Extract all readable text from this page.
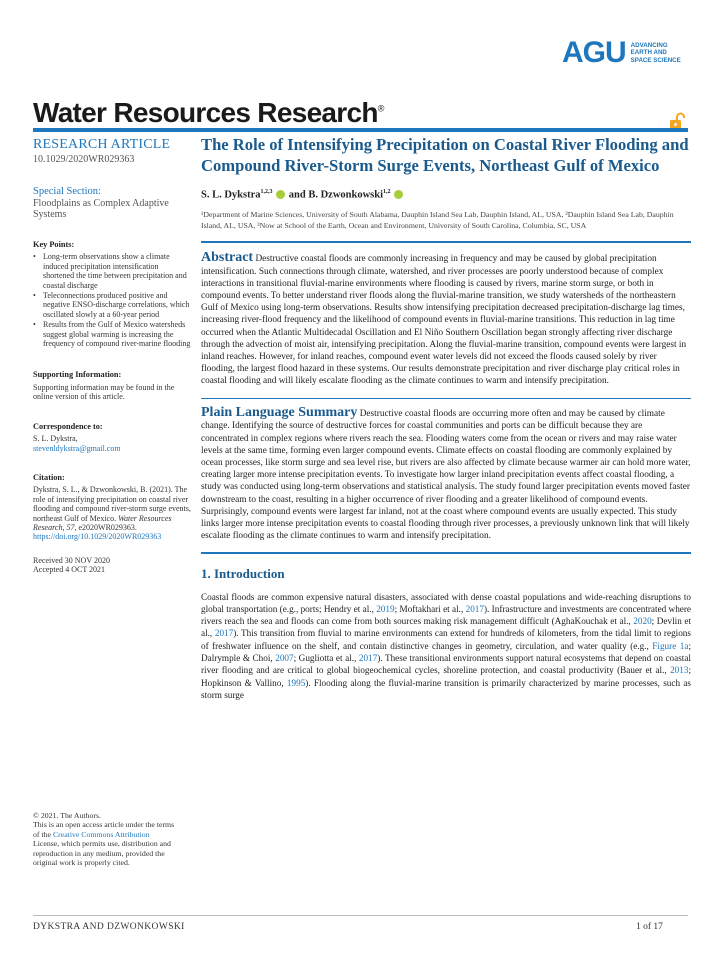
AGU ADVANCING
EARTH AND
SPACE SCIENCE
Water Resources Research®
RESEARCH ARTICLE
10.1029/2020WR029363
Special Section:
Floodplains as Complex Adaptive Systems
Key Points:
• Long-term observations show a climate induced precipitation intensification shortened the time between precipitation and coastal discharge
• Teleconnections produced positive and negative ENSO-discharge correlations, which oscillated slowly at a 60-year period
• Results from the Gulf of Mexico watersheds suggest global warming is increasing the frequency of compound river-marine flooding
Supporting Information:
Supporting information may be found in the online version of this article.
Correspondence to:
S. L. Dykstra,
stevenldykstra@gmail.com
Citation:
Dykstra, S. L., & Dzwonkowski, B. (2021). The role of intensifying precipitation on coastal river flooding and compound river-storm surge events, northeast Gulf of Mexico. Water Resources Research, 57, e2020WR029363. https://doi.org/10.1029/2020WR029363
Received 30 NOV 2020
Accepted 4 OCT 2021
© 2021. The Authors.
This is an open access article under the terms of the Creative Commons Attribution License, which permits use, distribution and reproduction in any medium, provided the original work is properly cited.
The Role of Intensifying Precipitation on Coastal River Flooding and Compound River-Storm Surge Events, Northeast Gulf of Mexico
S. L. Dykstra$^{1,2,3}$ and B. Dzwonkowski$^{1,2}$
¹Department of Marine Sciences, University of South Alabama, Dauphin Island Sea Lab, Dauphin Island, AL, USA, ²Dauphin Island Sea Lab, Dauphin Island, AL, USA, ³Now at School of the Earth, Ocean and Environment, University of South Carolina, Columbia, SC, USA
Abstract Destructive coastal floods are commonly increasing in frequency and may be caused by global precipitation intensification. Such connections through climate, watershed, and river processes are poorly understood because of complex interactions in transitional fluvial-marine environments where flooding is caused by rivers, marine storm surge, or both in compound events. To better understand river floods along the fluvial-marine transition, we study watersheds of the northeastern Gulf of Mexico using long-term observations. Results show intensifying precipitation decreased precipitation-discharge lag times, increasing river-flood frequency and the likelihood of compound events in fluvial-marine transitions. This reduction in lag time occurred when the Atlantic Multidecadal Oscillation and El Niño Southern Oscillation began strongly affecting river discharge through the advection of moist air, intensifying precipitation. Along the fluvial-marine transition, compound events were largest in inland reaches. However, for inland reaches, compound event water levels did not exceed the floods caused solely by river flooding, the largest flood hazard in these systems. Our results demonstrate precipitation and river discharge play critical roles in coastal flooding and will likely escalate flooding as the climate continues to warm and intensify precipitation.
Plain Language Summary Destructive coastal floods are occurring more often and may be caused by climate change. Identifying the source of destructive forces for coastal communities and ports can be difficult because they are concentrated in complex regions where rivers reach the sea. Flooding waters come from the ocean or rivers and may raise water levels at the same time, forming even larger compound events. Climate effects on coastal flooding are commonly explained by ocean processes, like storm surge and sea level rise, but rivers are also affected by climate because warmer air can hold more water, creating larger more intense precipitation events. To investigate how larger inland precipitation events affect coastal flooding, a study was conducted using long-term observations and statistical analysis. The study found larger precipitation events moved faster downstream to the coast, resulting in a higher occurrence of river flooding and a greater likelihood of compound events. Surprisingly, compound events were largest far inland, not at the coast where compound events are usually expected. This study links larger more intense precipitation events to coastal flooding through river processes, a previously unknown link that will likely escalate flooding as the climate continues to warm and intensify precipitation.
1. Introduction
Coastal floods are common expensive natural disasters, associated with dense coastal populations and wide-reaching disruptions to global transportation (e.g., ports; Hendry et al., 2019; Moftakhari et al., 2017). Infrastructure and investments are concentrated where rivers reach the sea and floods can come from both sources making risk management difficult (AghaKouchak et al., 2020; Devlin et al., 2017). This transition from fluvial to marine environments can extend for hundreds of kilometers, from the tidal limit to regions of freshwater influence on the shelf, and contain distinctive changes in geometry, circulation, and water quality (e.g., Figure 1a; Dalrymple & Choi, 2007; Gugliotta et al., 2017). These transitional environments support natural ecosystems that depend on coastal river flooding and are critical to global biogeochemical cycles, shoreline protection, and coastal productivity (Bauer et al., 2013; Hopkinson & Vallino, 1995). Flooding along the fluvial-marine transition is primarily characterized by marine processes, such as storm surge
DYKSTRA AND DZWONKOWSKI	1 of 17
